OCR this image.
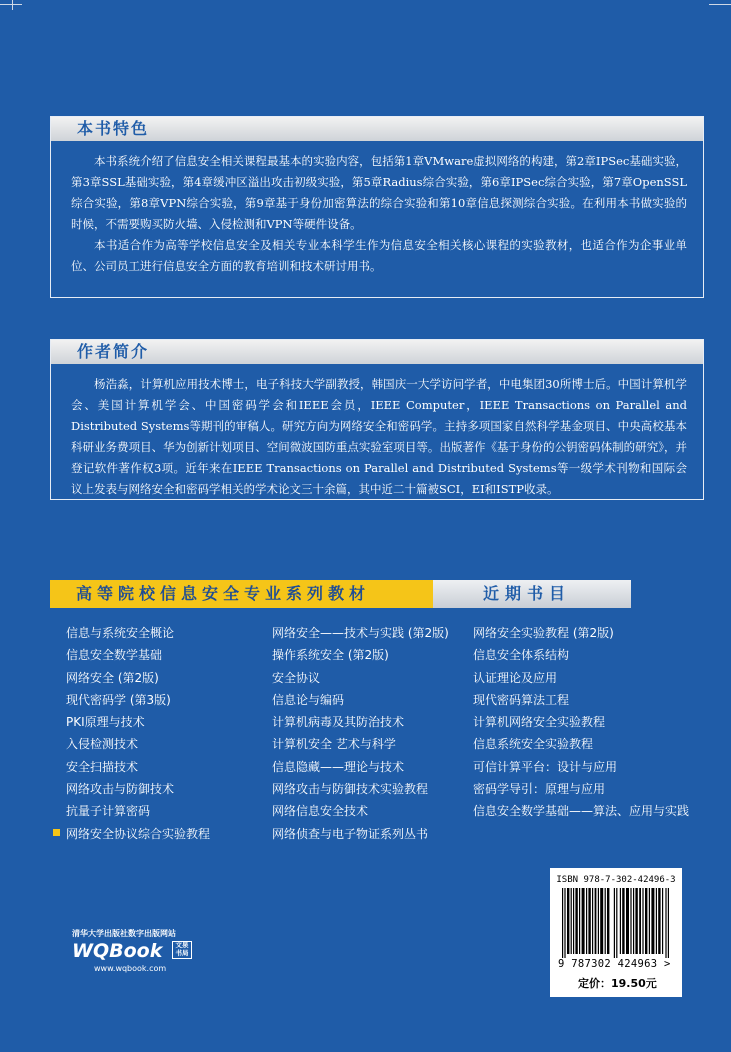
本书特色

本书系统介绍了信息安全相关课程最基本的实验内容，包括第1章VMware虚拟网络的构建，第2章IPSec基础实验，第3章SSL基础实验，第4章缓冲区溢出攻击初级实验，第5章Radius综合实验，第6章IPSec综合实验，第7章OpenSSL综合实验，第8章VPN综合实验，第9章基于身份加密算法的综合实验和第10章信息探测综合实验。在利用本书做实验的时候，不需要购买防火墙、入侵检测和VPN等硬件设备。

本书适合作为高等学校信息安全及相关专业本科学生作为信息安全相关核心课程的实验教材，也适合作为企事业单位、公司员工进行信息安全方面的教育培训和技术研讨用书。

作者简介

杨浩淼，计算机应用技术博士，电子科技大学副教授，韩国庆一大学访问学者，中电集团30所博士后。中国计算机学会、美国计算机学会、中国密码学会和IEEE会员，IEEE Computer，IEEE Transactions on Parallel and Distributed Systems等期刊的审稿人。研究方向为网络安全和密码学。主持多项国家自然科学基金项目、中央高校基本科研业务费项目、华为创新计划项目、空间微波国防重点实验室项目等。出版著作《基于身份的公钥密码体制的研究》，并登记软件著作权3项。近年来在IEEE Transactions on Parallel and Distributed Systems等一级学术刊物和国际会议上发表与网络安全和密码学相关的学术论文三十余篇，其中近二十篇被SCI，EI和ISTP收录。

高等院校信息安全专业系列教材	近期书目
信息与系统安全概论
信息安全数学基础
网络安全 (第2版)
现代密码学 (第3版)
PKI原理与技术
入侵检测技术
安全扫描技术
网络攻击与防御技术
抗量子计算密码
网络安全协议综合实验教程
网络安全——技术与实践 (第2版)
操作系统安全 (第2版)
安全协议
信息论与编码
计算机病毒及其防治技术
计算机安全 艺术与科学
信息隐藏——理论与技术
网络攻击与防御技术实验教程
网络信息安全技术
网络侦查与电子物证系列丛书
网络安全实验教程 (第2版)
信息安全体系结构
认证理论及应用
现代密码算法工程
计算机网络安全实验教程
信息系统安全实验教程
可信计算平台：设计与应用
密码学导引：原理与应用
信息安全数学基础——算法、应用与实践
清华大学出版社数字出版网站
WQBook	文泉书局
www.wqbook.com
ISBN 978-7-302-42496-3
9 787302 424963 >
定价：19.50元
